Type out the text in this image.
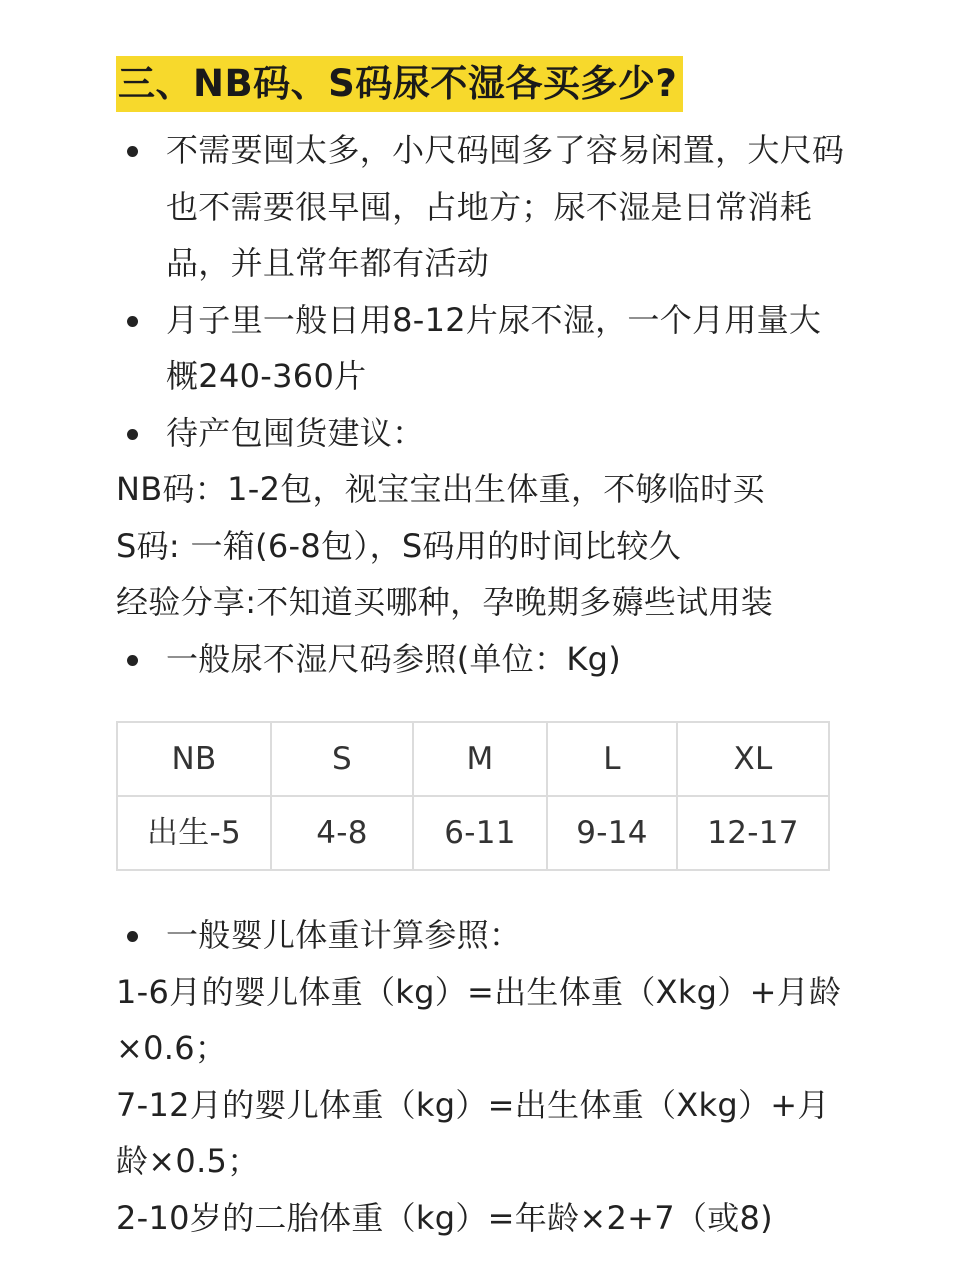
三、NB码、S码尿不湿各买多少?
不需要囤太多，小尺码囤多了容易闲置，大尺码也不需要很早囤，占地方；尿不湿是日常消耗品，并且常年都有活动
月子里一般日用8-12片尿不湿，一个月用量大概240-360片
待产包囤货建议：
NB码：1-2包，视宝宝出生体重，不够临时买
S码: 一箱(6-8包），S码用的时间比较久
经验分享:不知道买哪种，孕晚期多薅些试用装
一般尿不湿尺码参照(单位：Kg)
NB	S	M	L	XL
出生-5	4-8	6-11	9-14	12-17
一般婴儿体重计算参照：
1-6月的婴儿体重（kg）=出生体重（Xkg）+月龄×0.6；
7-12月的婴儿体重（kg）=出生体重（Xkg）+月龄×0.5；
2-10岁的二胎体重（kg）=年龄×2+7（或8)
